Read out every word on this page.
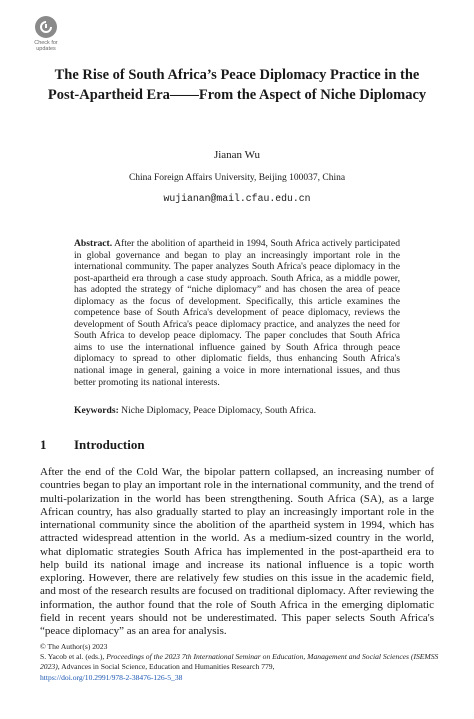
Check for
updates
The Rise of South Africa’s Peace Diplomacy Practice in the Post-Apartheid Era——From the Aspect of Niche Diplomacy
Jianan Wu
China Foreign Affairs University, Beijing 100037, China
wujianan@mail.cfau.edu.cn

Abstract. After the abolition of apartheid in 1994, South Africa actively participated in global governance and began to play an increasingly important role in the international community. The paper analyzes South Africa's peace diplomacy in the post-apartheid era through a case study approach. South Africa, as a middle power, has adopted the strategy of “niche diplomacy” and has chosen the area of peace diplomacy as the focus of development. Specifically, this article examines the competence base of South Africa's development of peace diplomacy, reviews the development of South Africa's peace diplomacy practice, and analyzes the need for South Africa to develop peace diplomacy. The paper concludes that South Africa aims to use the international influence gained by South Africa through peace diplomacy to spread to other diplomatic fields, thus enhancing South Africa's national image in general, gaining a voice in more international issues, and thus better promoting its national interests.

Keywords: Niche Diplomacy, Peace Diplomacy, South Africa.

1	Introduction

After the end of the Cold War, the bipolar pattern collapsed, an increasing number of countries began to play an important role in the international community, and the trend of multi-polarization in the world has been strengthening. South Africa (SA), as a large African country, has also gradually started to play an increasingly important role in the international community since the abolition of the apartheid system in 1994, which has attracted widespread attention in the world. As a medium-sized country in the world, what diplomatic strategies South Africa has implemented in the post-apartheid era to help build its national image and increase its national influence is a topic worth exploring. However, there are relatively few studies on this issue in the academic field, and most of the research results are focused on traditional diplomacy. After reviewing the information, the author found that the role of South Africa in the emerging diplomatic field in recent years should not be underestimated. This paper selects South Africa's “peace diplomacy” as an area for analysis.

© The Author(s) 2023
S. Yacob et al. (eds.), Proceedings of the 2023 7th International Seminar on Education, Management and Social Sciences (ISEMSS 2023), Advances in Social Science, Education and Humanities Research 779,
https://doi.org/10.2991/978-2-38476-126-5_38
